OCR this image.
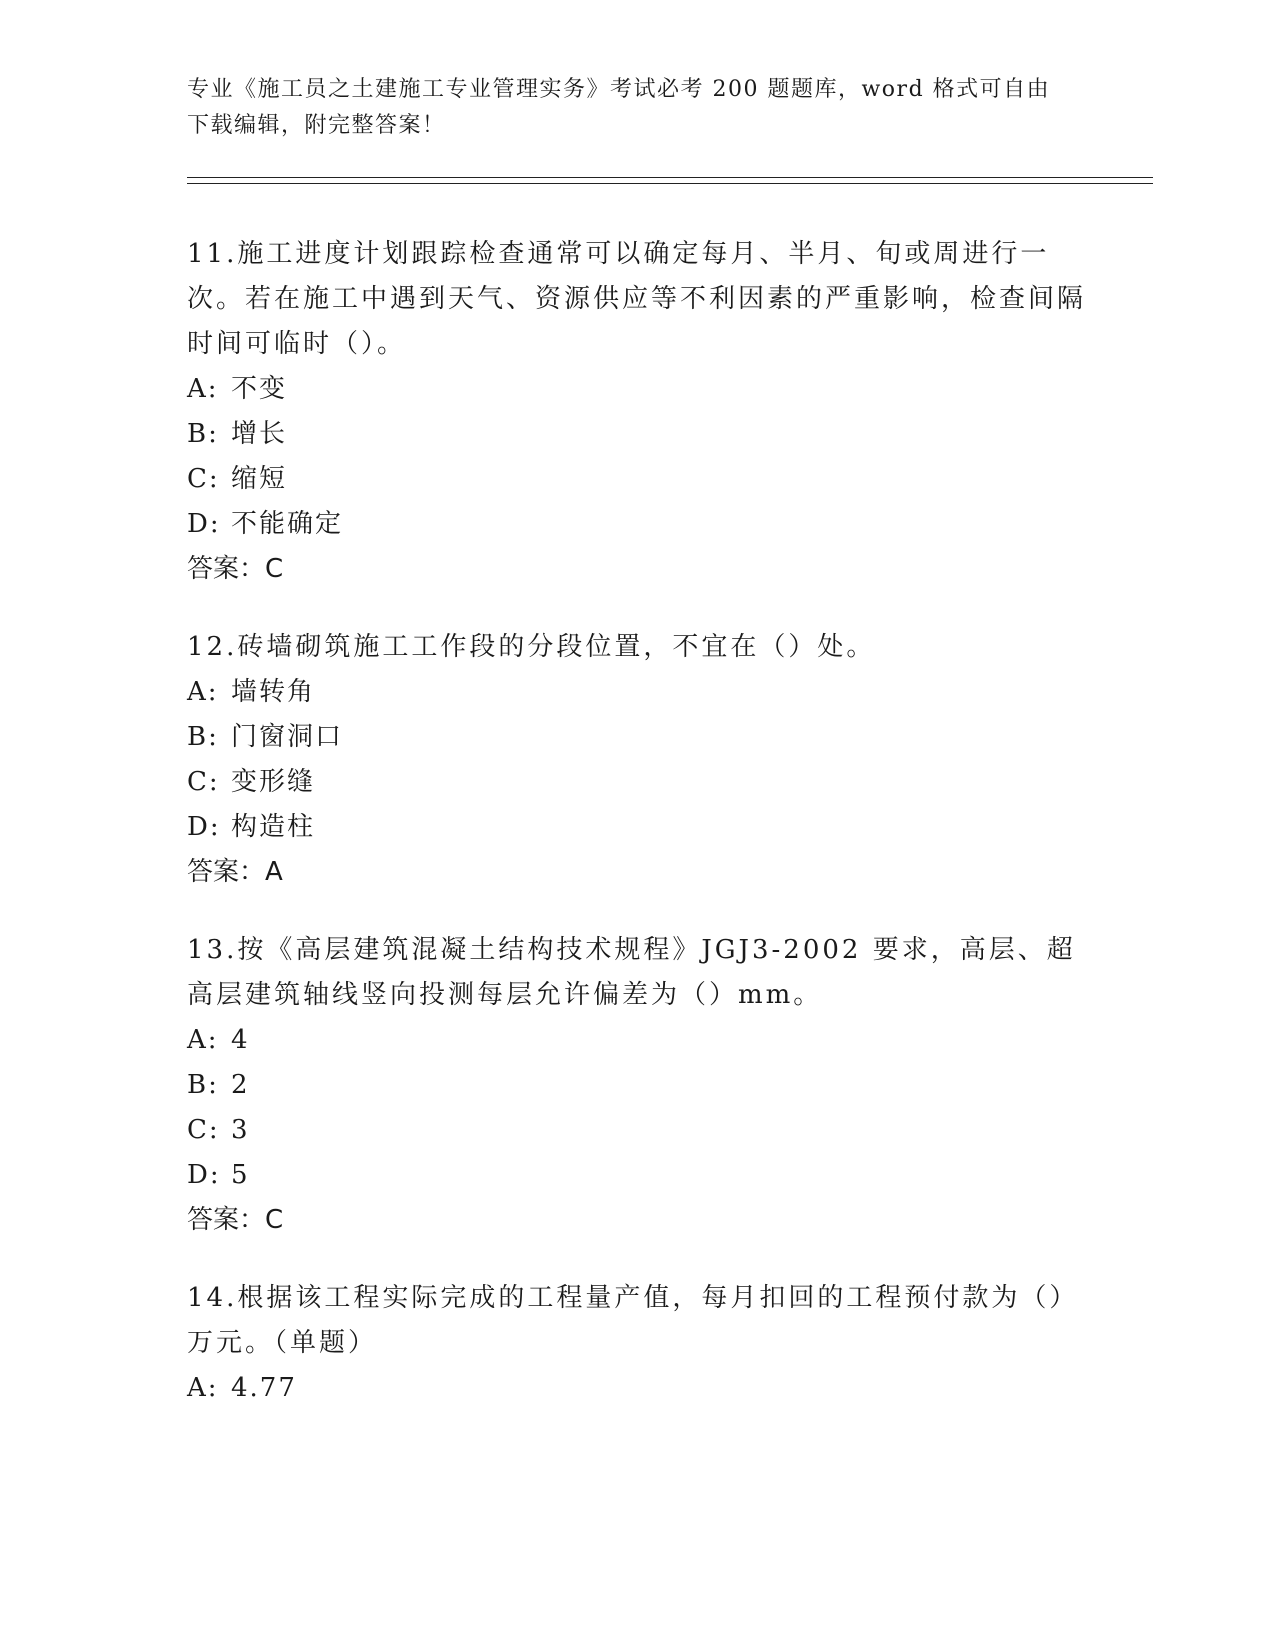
专业《施工员之土建施工专业管理实务》考试必考 200 题题库，word 格式可自由
下载编辑，附完整答案！
11.施工进度计划跟踪检查通常可以确定每月、半月、旬或周进行一次。若在施工中遇到天气、资源供应等不利因素的严重影响，检查间隔时间可临时（）。
A: 不变
B: 增长
C: 缩短
D: 不能确定
答案：C
12.砖墙砌筑施工工作段的分段位置，不宜在（）处。
A: 墙转角
B: 门窗洞口
C: 变形缝
D: 构造柱
答案：A
13.按《高层建筑混凝土结构技术规程》JGJ3-2002 要求，高层、超高层建筑轴线竖向投测每层允许偏差为（）mm。
A: 4
B: 2
C: 3
D: 5
答案：C
14.根据该工程实际完成的工程量产值，每月扣回的工程预付款为（）万元。（单题）
A: 4.77
